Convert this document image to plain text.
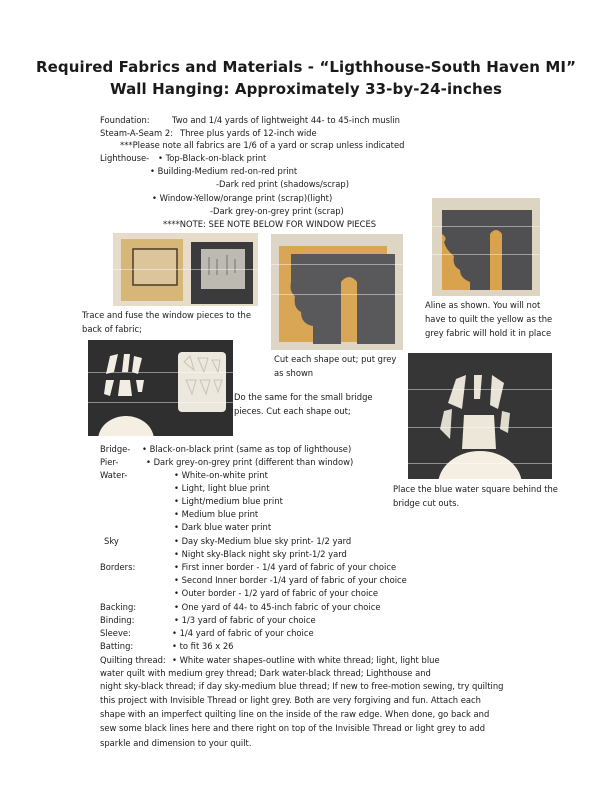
Required Fabrics and Materials - “Ligthhouse-South Haven MI”
Wall Hanging: Approximately 33-by-24-inches
Foundation:	Two and 1/4 yards of lightweight 44- to 45-inch muslin
Steam-A-Seam 2: Three plus yards of 12-inch wide
***Please note all fabrics are 1/6 of a yard or scrap unless indicated
Lighthouse- • Top-Black-on-black print
• Building-Medium red-on-red print
-Dark red print (shadows/scrap)
• Window-Yellow/orange print (scrap)(light)
-Dark grey-on-grey print (scrap)
****NOTE: SEE NOTE BELOW FOR WINDOW PIECES
Trace and fuse the window pieces to the back of fabric;
Cut each shape out; put grey as shown
Aline as shown. You will not have to quilt the yellow as the grey fabric will hold it in place
Do the same for the small bridge pieces. Cut each shape out;
Place the blue water square behind the bridge cut outs.
Bridge- • Black-on-black print (same as top of lighthouse)
Pier-	• Dark grey-on-grey print (different than window)
Water-	• White-on-white print
• Light, light blue print
• Light/medium blue print
• Medium blue print
• Dark blue water print
Sky	• Day sky-Medium blue sky print- 1/2 yard
• Night sky-Black night sky print-1/2 yard
Borders:	• First inner border - 1/4 yard of fabric of your choice
• Second Inner border -1/4 yard of fabric of your choice
• Outer border - 1/2 yard of fabric of your choice
Backing:	• One yard of 44- to 45-inch fabric of your choice
Binding:	• 1/3 yard of fabric of your choice
Sleeve:	• 1/4 yard of fabric of your choice
Batting:	• to fit 36 x 26
Quilting thread: • White water shapes-outline with white thread; light, light blue
water quilt with medium grey thread; Dark water-black thread; Lighthouse and
night sky-black thread; if day sky-medium blue thread; If new to free-motion sewing, try quilting
this project with Invisible Thread or light grey. Both are very forgiving and fun. Attach each
shape with an imperfect quilting line on the inside of the raw edge. When done, go back and
sew some black lines here and there right on top of the Invisible Thread or light grey to add
sparkle and dimension to your quilt.
